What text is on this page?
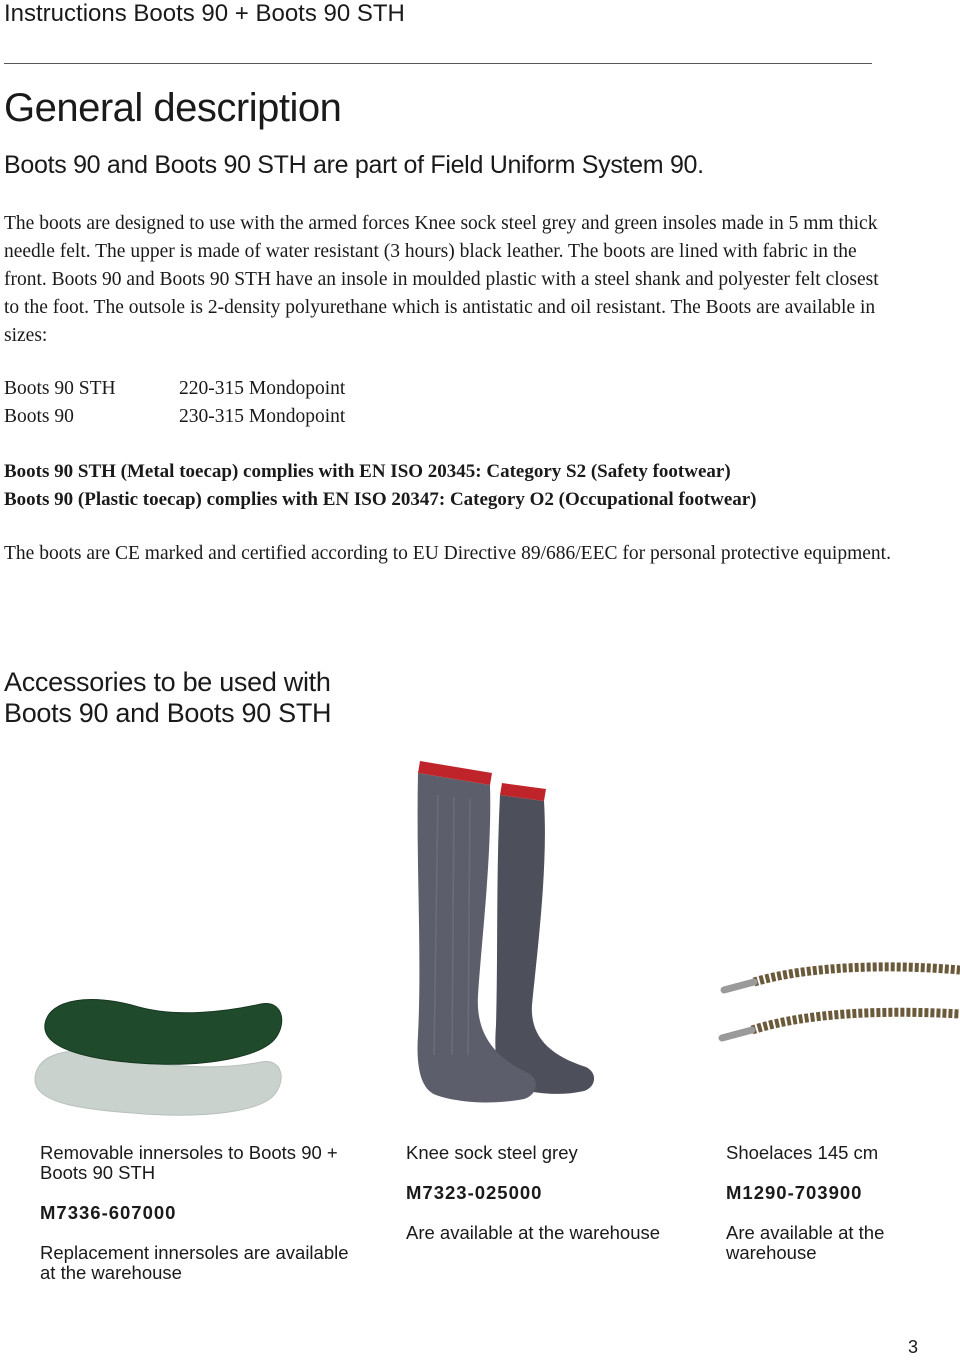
Instructions Boots 90 + Boots 90 STH
General description
Boots 90 and Boots 90 STH are part of Field Uniform System 90.
The boots are designed to use with the armed forces Knee sock steel grey and green insoles made in 5 mm thick needle felt. The upper is made of water resistant (3 hours) black leather. The boots are lined with fabric in the front. Boots 90 and Boots 90 STH have an insole in moulded plastic with a steel shank and polyester felt closest to the foot. The outsole is 2-density polyurethane which is antistatic and oil resistant. The Boots are available in sizes:
Boots 90 STH	220-315 Mondopoint
Boots 90	230-315 Mondopoint
Boots 90 STH (Metal toecap) complies with EN ISO 20345: Category S2 (Safety footwear)
Boots 90 (Plastic toecap) complies with EN ISO 20347: Category O2 (Occupational footwear)
The boots are CE marked and certified according to EU Directive 89/686/EEC for personal protective equipment.
Accessories to be used with
Boots 90 and Boots 90 STH
Removable innersoles to Boots 90 + Boots 90 STH
M7336-607000
Replacement innersoles are available at the warehouse
Knee sock steel grey
M7323-025000
Are available at the warehouse
Shoelaces 145 cm
M1290-703900
Are available at the warehouse
3
